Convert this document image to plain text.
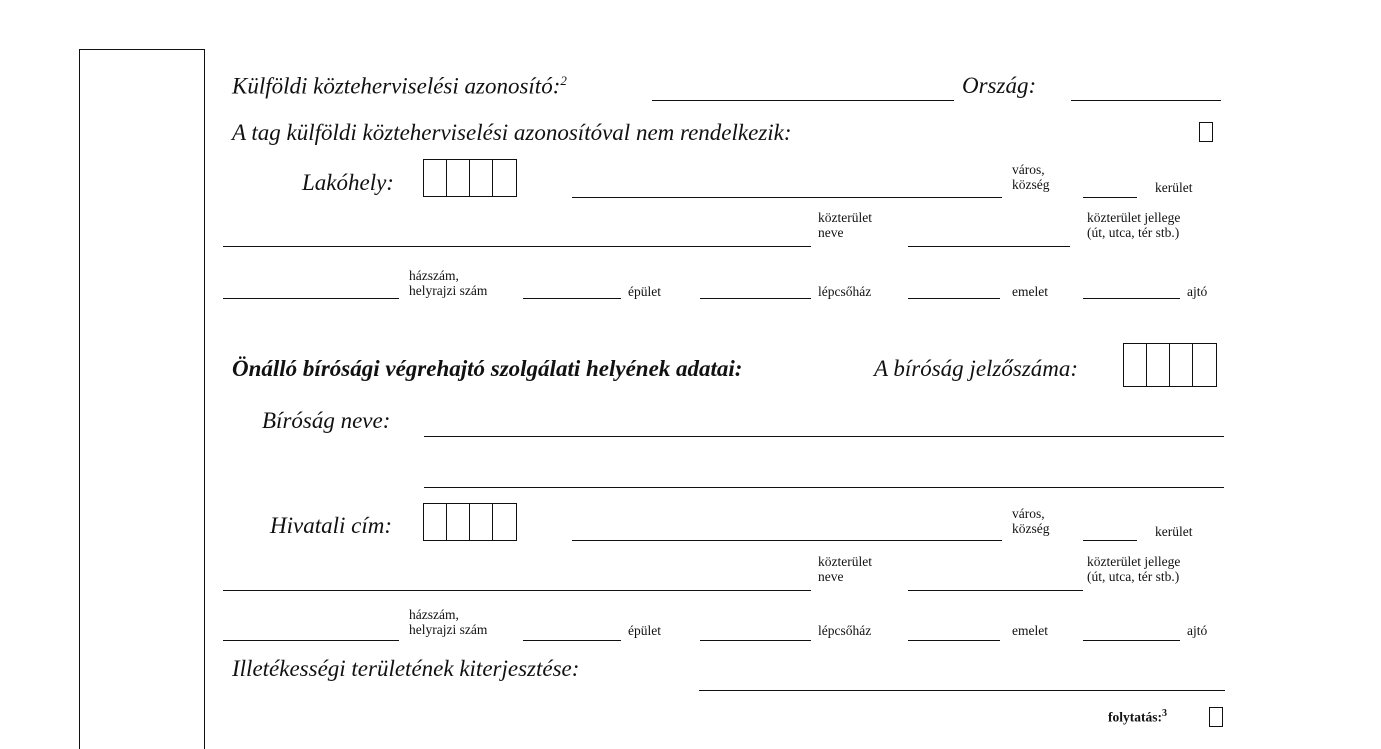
Külföldi közteherviselési azonosító:$^2$	Ország:
A tag külföldi közteherviselési azonosítóval nem rendelkezik:
Lakóhely:
város,
község	kerület
közterület
neve
közterület jellege
(út, utca, tér stb.)
házszám,
helyrajzi szám	épület	lépcsőház	emelet	ajtó
Önálló bírósági végrehajtó szolgálati helyének adatai:	A bíróság jelzőszáma:
Bíróság neve:
Hivatali cím:	város,
község	kerület
közterület
neve
közterület jellege
(út, utca, tér stb.)
házszám,
helyrajzi szám	épület	lépcsőház	emelet	ajtó
Illetékességi területének kiterjesztése:
folytatás:$^3$
